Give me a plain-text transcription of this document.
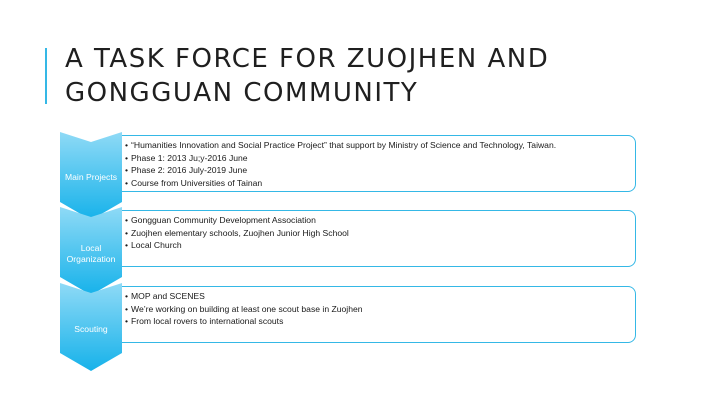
A TASK FORCE FOR ZUOJHEN AND GONGGUAN COMMUNITY
• “Humanities Innovation and Social Practice Project” that support by Ministry of Science and Technology, Taiwan.
• Phase 1: 2013 Ju;y-2016 June
• Phase 2: 2016 July-2019 June
• Course from Universities of Tainan
Main Projects
• Gongguan Community Development Association
• Zuojhen elementary schools, Zuojhen Junior High School
• Local Church
Local Organization
• MOP and SCENES
• We’re working on building at least one scout base in Zuojhen
• From local rovers to international scouts
Scouting
